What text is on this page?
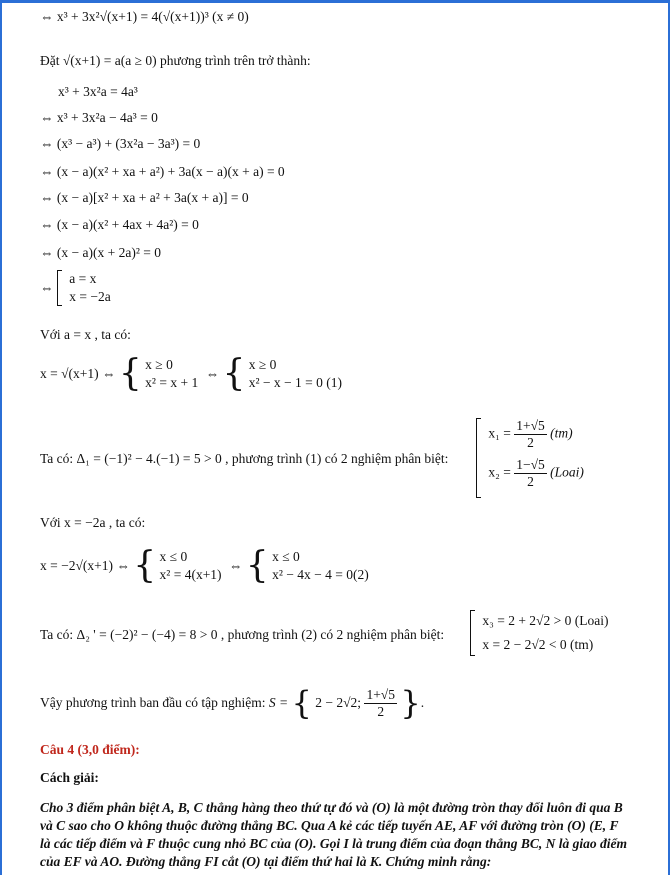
⇔ x³ + 3x²√(x+1) = 4(√(x+1))³ (x ≠ 0)
Đặt √(x+1) = a(a ≥ 0) phương trình trên trở thành:
x³ + 3x²a = 4a³
⇔ x³ + 3x²a − 4a³ = 0
⇔ (x³ − a³) + (3x²a − 3a³) = 0
⇔ (x − a)(x² + xa + a²) + 3a(x − a)(x + a) = 0
⇔ (x − a)[x² + xa + a² + 3a(x + a)] = 0
⇔ (x − a)(x² + 4ax + 4a²) = 0
⇔ (x − a)(x + 2a)² = 0
⇔
a = x
x = −2a
Với a = x , ta có:
x = √(x+1) ⇔ { x ≥ 0
x² = x + 1
⇔ { x ≥ 0
x² − x − 1 = 0 (1)
Ta có: Δ₁ = (−1)² − 4.(−1) = 5 > 0 , phương trình (1) có 2 nghiệm phân biệt:

$x_1 = \frac{1+√5}{2} (tm)$
$x_2 = \frac{1-√5}{2}$ (Loai)
Với x = −2a , ta có:
x = −2√(x+1) ⇔ { x ≤ 0
x² = 4(x+1)
⇔ { x ≤ 0
x² − 4x − 4 = 0(2)
Ta có: Δ₂ ' = (−2)² − (−4) = 8 > 0 , phương trình (2) có 2 nghiệm phân biệt:

x₃ = 2 + 2√2 > 0 (Loai)
x = 2 − 2√2 < 0 (tm)
Vậy phương trình ban đầu có tập nghiệm: S = { 2 − 2√2; $\frac{1+√5}{2}$ }.
Câu 4 (3,0 điểm):
Cách giải:
Cho 3 điểm phân biệt A, B, C thẳng hàng theo thứ tự đó và (O) là một đường tròn thay đổi luôn đi qua B
và C sao cho O không thuộc đường thẳng BC. Qua A kẻ các tiếp tuyến AE, AF với đường tròn (O) (E, F
là các tiếp điểm và F thuộc cung nhỏ BC của (O). Gọi I là trung điểm của đoạn thẳng BC, N là giao điểm
của EF và AO. Đường thẳng FI cắt (O) tại điểm thứ hai là K. Chứng minh rằng:
